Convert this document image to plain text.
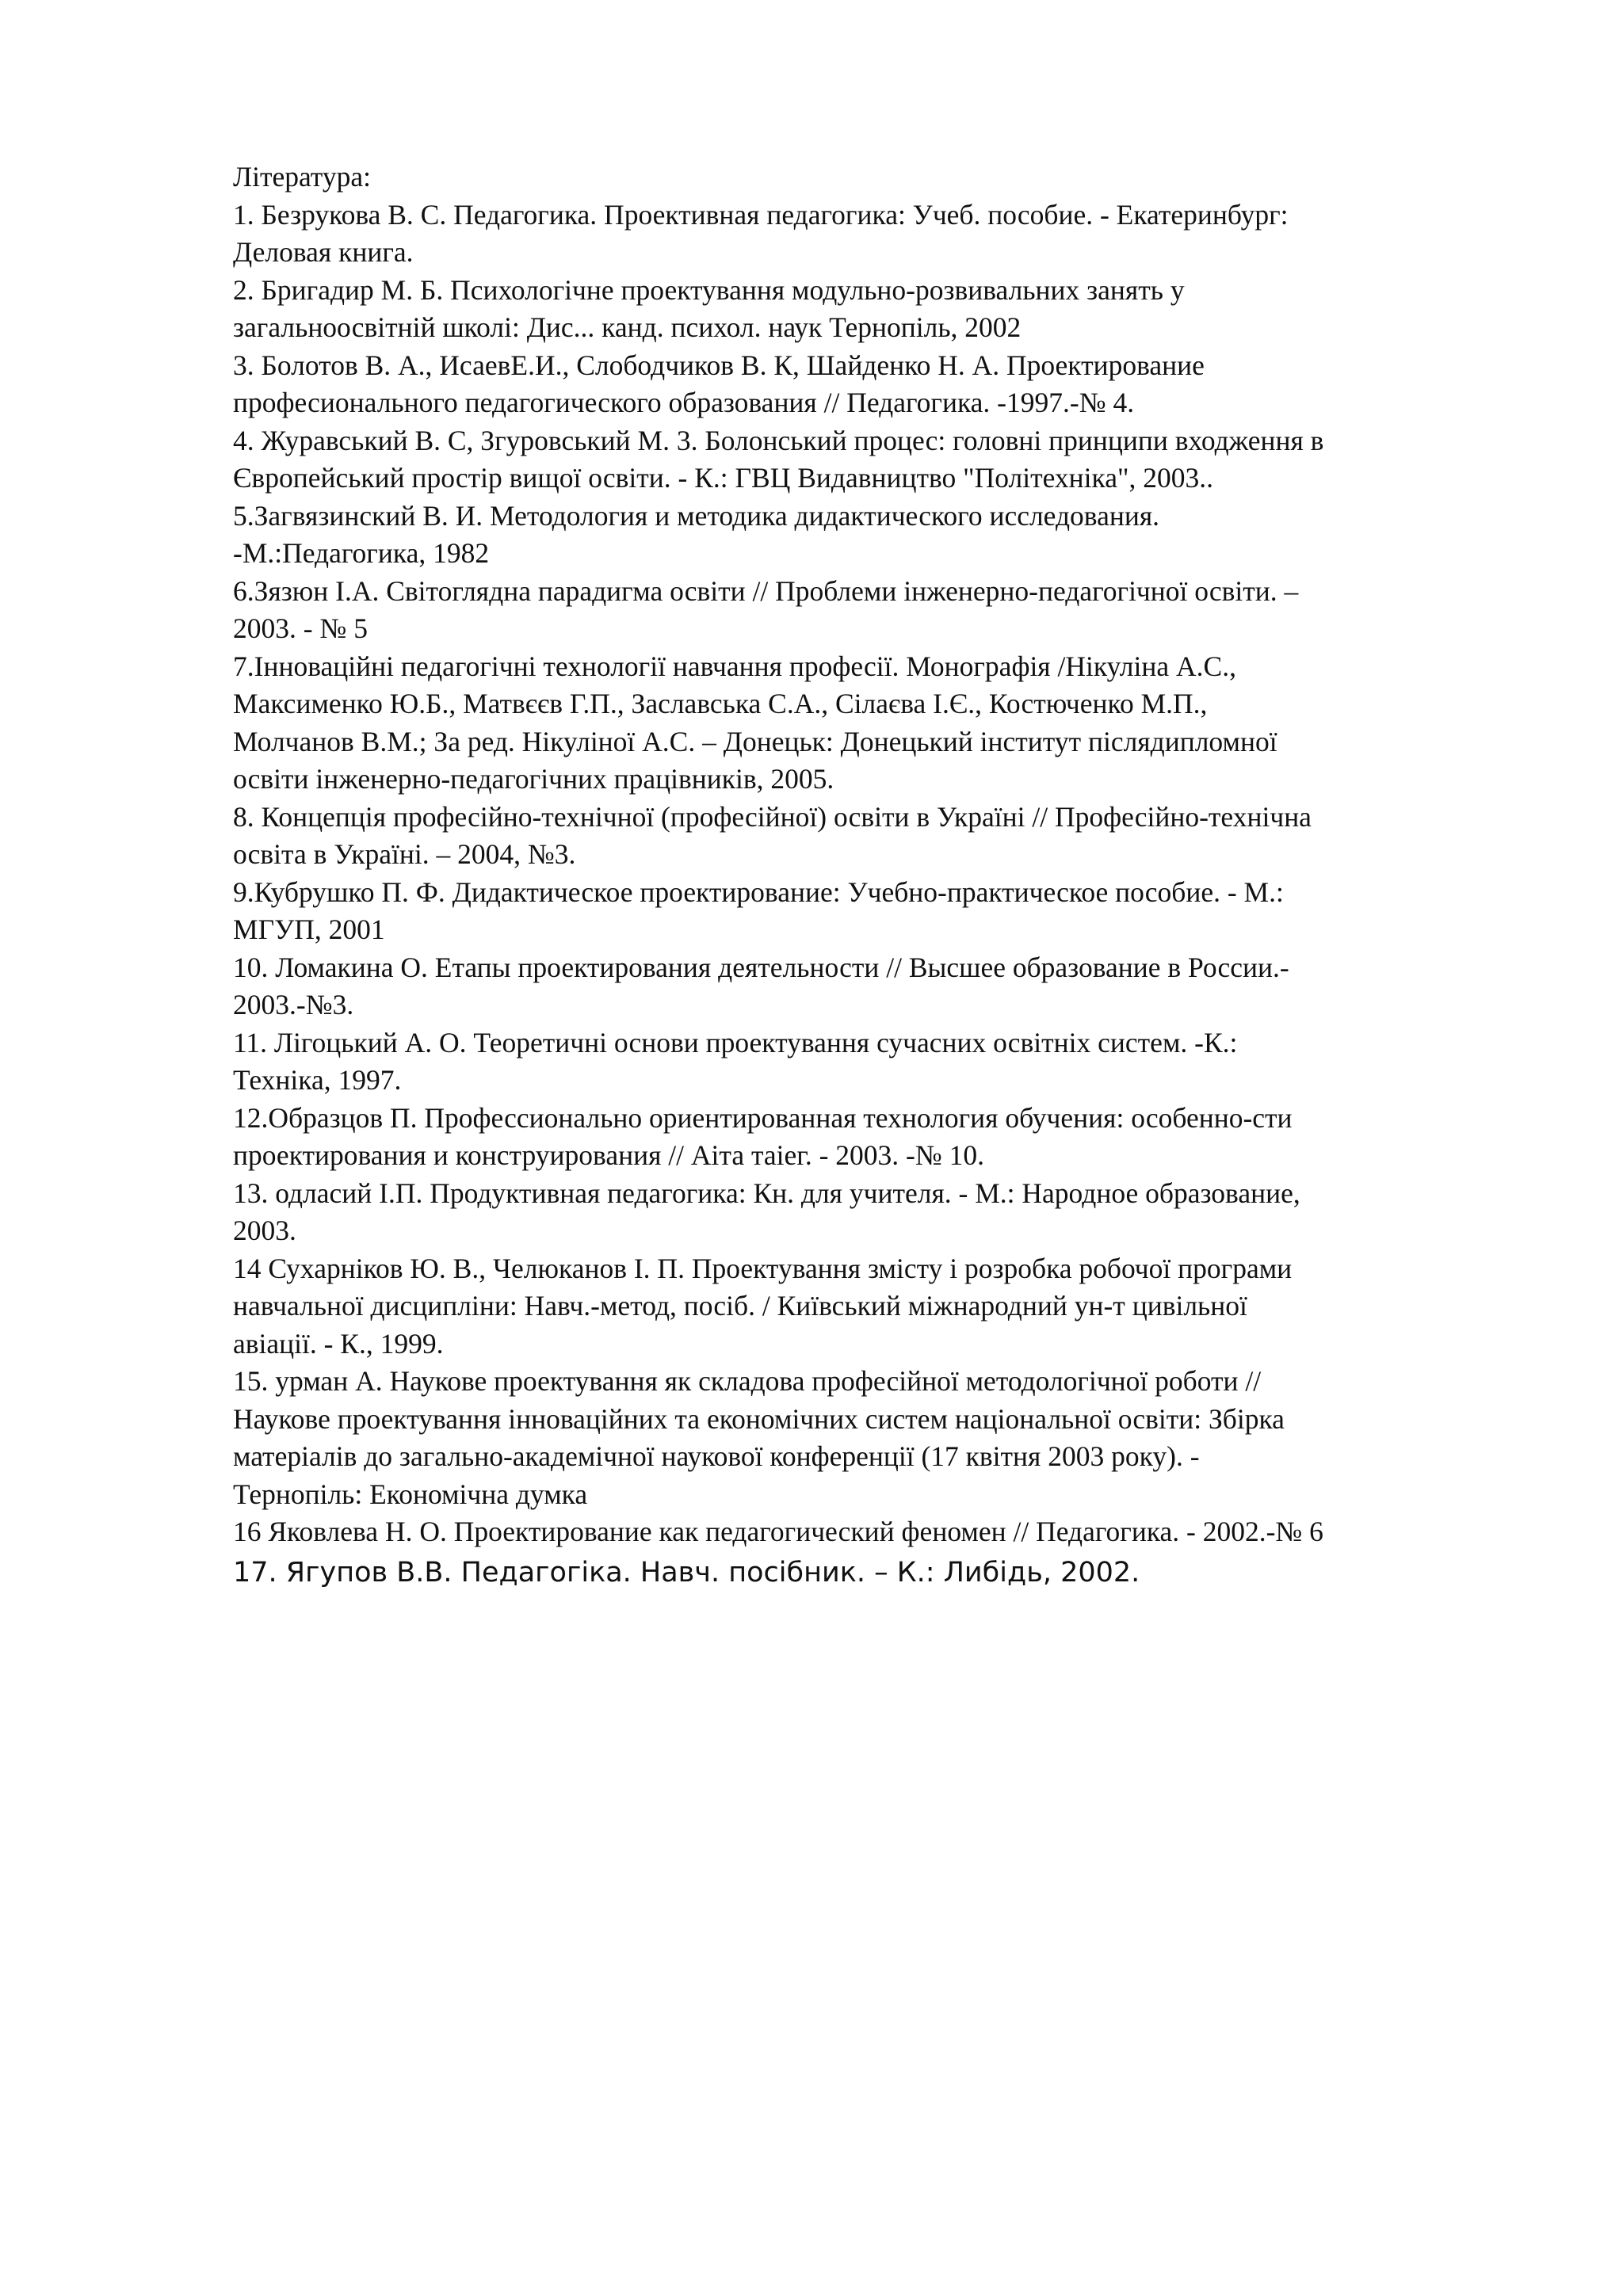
Література:
1. Безрукова В. С. Педагогика. Проективная педагогика: Учеб. пособие. - Екатеринбург:
Деловая книга.
2. Бригадир М. Б. Психологічне проектування модульно-розвивальних занять у
загальноосвітній школі: Дис... канд. психол. наук Тернопіль, 2002
3. Болотов В. А., ИсаевЕ.И., Слободчиков В. К, Шайденко Н. А. Проектирование
професионального педагогического образования // Педагогика. -1997.-№ 4.
4. Журавський В. С, Згуровський М. 3. Болонський процес: головні принципи входження в
Європейський простір вищої освіти. - К.: ГВЦ Видавництво "Політехніка", 2003..
5.Загвязинский В. И. Методология и методика дидактического исследования.
-М.:Педагогика, 1982
6.Зязюн І.А. Світоглядна парадигма освіти // Проблеми інженерно-педагогічної освіти. –
2003. - № 5
7.Інноваційні педагогічні технології навчання професії. Монографія /Нікуліна А.С.,
Максименко Ю.Б., Матвєєв Г.П., Заславська С.А., Сілаєва І.Є., Костюченко М.П.,
Молчанов В.М.; За ред. Нікуліної А.С. – Донецьк: Донецький інститут післядипломної
освіти інженерно-педагогічних працівників, 2005.
8. Концепція професійно-технічної (професійної) освіти в Україні // Професійно-технічна
освіта в Україні. – 2004, №3.
9.Кубрушко П. Ф. Дидактическое проектирование: Учебно-практическое пособие. - М.:
МГУП, 2001
10. Ломакина О. Етапы проектирования деятельности // Высшее образование в России.-
2003.-№3.
11. Лігоцький А. О. Теоретичні основи проектування сучасних освітніх систем. -К.:
Техніка, 1997.
12.Образцов П. Профессионально ориентированная технология обучения: особенно-сти
проектирования и конструирования // Аіта таіег. - 2003. -№ 10.
13. одласий І.П. Продуктивная педагогика: Кн. для учителя. - М.: Народное образование,
2003.
14 Сухарніков Ю. В., Челюканов І. П. Проектування змісту і розробка робочої програми
навчальної дисципліни: Навч.-метод, посіб. / Київський міжнародний ун-т цивільної
авіації. - К., 1999.
15. урман А. Наукове проектування як складова професійної методологічної роботи //
Наукове проектування інноваційних та економічних систем національної освіти: Збірка
матеріалів до загально-академічної наукової конференції (17 квітня 2003 року). -
Тернопіль: Економічна думка
16 Яковлева Н. О. Проектирование как педагогический феномен // Педагогика. - 2002.-№ 6
17. Ягупов В.В. Педагогіка. Навч. посібник. – К.: Либідь, 2002.
